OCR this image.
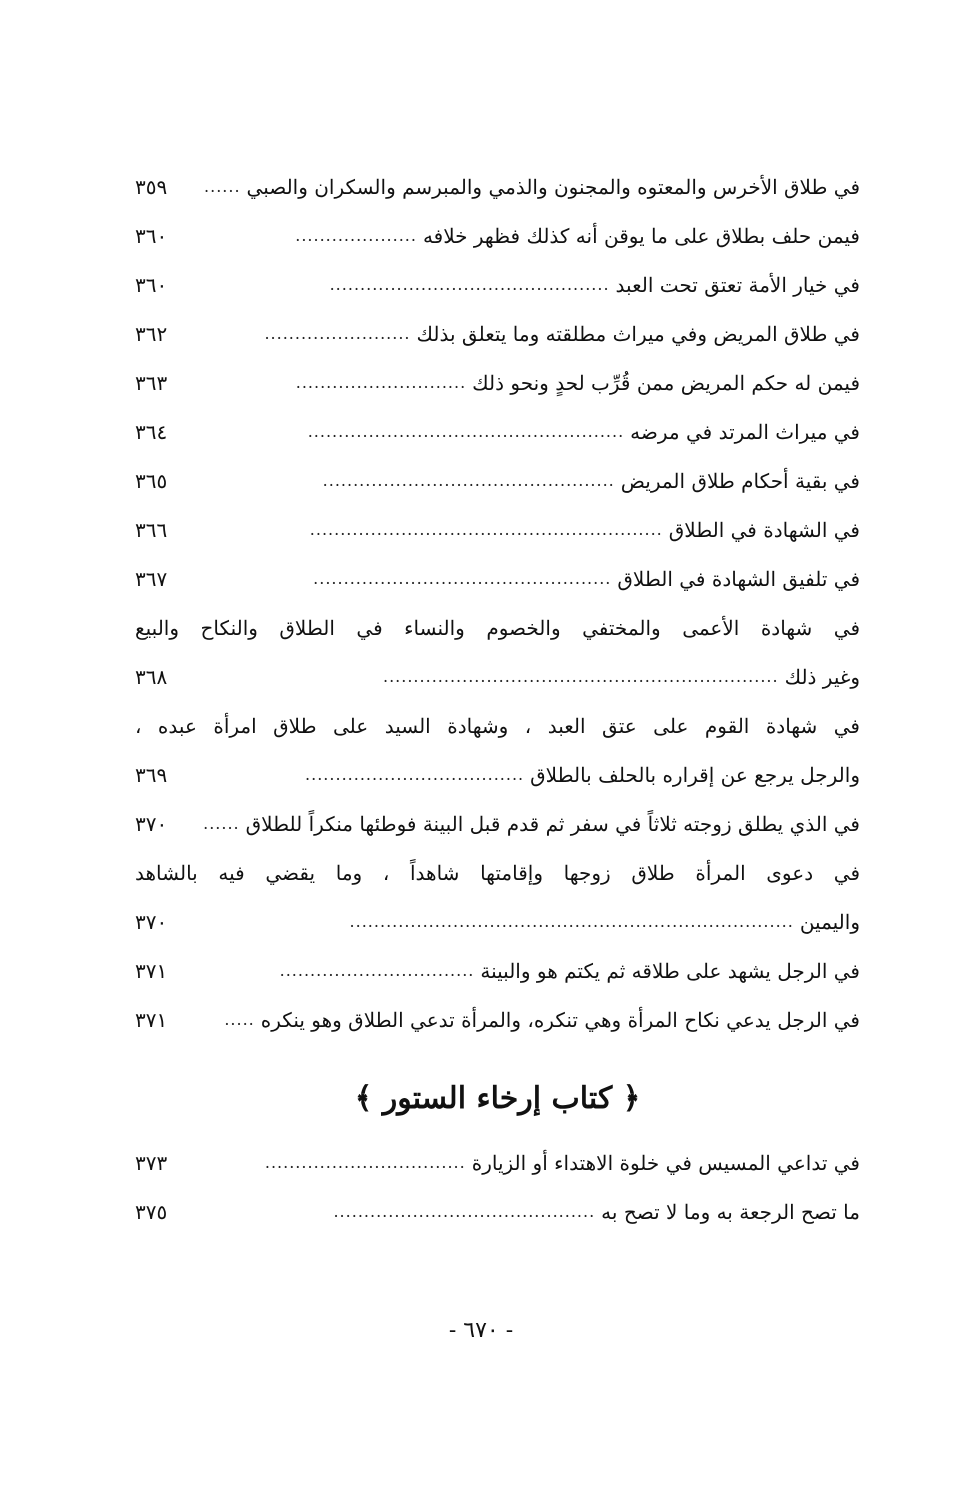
في طلاق الأخرس والمعتوه والمجنون والذمي والمبرسم والسكران والصبي
......
٣٥٩
فيمن حلف بطلاق على ما يوقن أنه كذلك فظهر خلافه
....................
٣٦٠
في خيار الأمة تعتق تحت العبد
..............................................
٣٦٠
في طلاق المريض وفي ميراث مطلقته وما يتعلق بذلك
........................
٣٦٢
فيمن له حكم المريض ممن قُرِّب لحدٍ ونحو ذلك
............................
٣٦٣
في ميراث المرتد في مرضه
....................................................
٣٦٤
في بقية أحكام طلاق المريض
................................................
٣٦٥
في الشهادة في الطلاق
..........................................................
٣٦٦
في تلفيق الشهادة في الطلاق
.................................................
٣٦٧
في شهادة الأعمى والمختفي والخصوم والنساء في الطلاق والنكاح والبيع
وغير ذلك
.................................................................
٣٦٨
في شهادة القوم على عتق العبد ، وشهادة السيد على طلاق امرأة عبده ،
والرجل يرجع عن إقراره بالحلف بالطلاق
....................................
٣٦٩
في الذي يطلق زوجته ثلاثاً في سفر ثم قدم قبل البينة فوطئها منكراً للطلاق
......
٣٧٠
في دعوى المرأة طلاق زوجها وإقامتها شاهداً ، وما يقضي فيه بالشاهد
واليمين
.........................................................................
٣٧٠
في الرجل يشهد على طلاقه ثم يكتم هو والبينة
................................
٣٧١
في الرجل يدعي نكاح المرأة وهي تنكره، والمرأة تدعي الطلاق وهو ينكره
.....
٣٧١
﴿ كتاب إرخاء الستور ﴾
في تداعي المسيس في خلوة الاهتداء أو الزيارة
.................................
٣٧٣
ما تصح الرجعة به وما لا تصح به
...........................................
٣٧٥
- ٦٧٠ -
